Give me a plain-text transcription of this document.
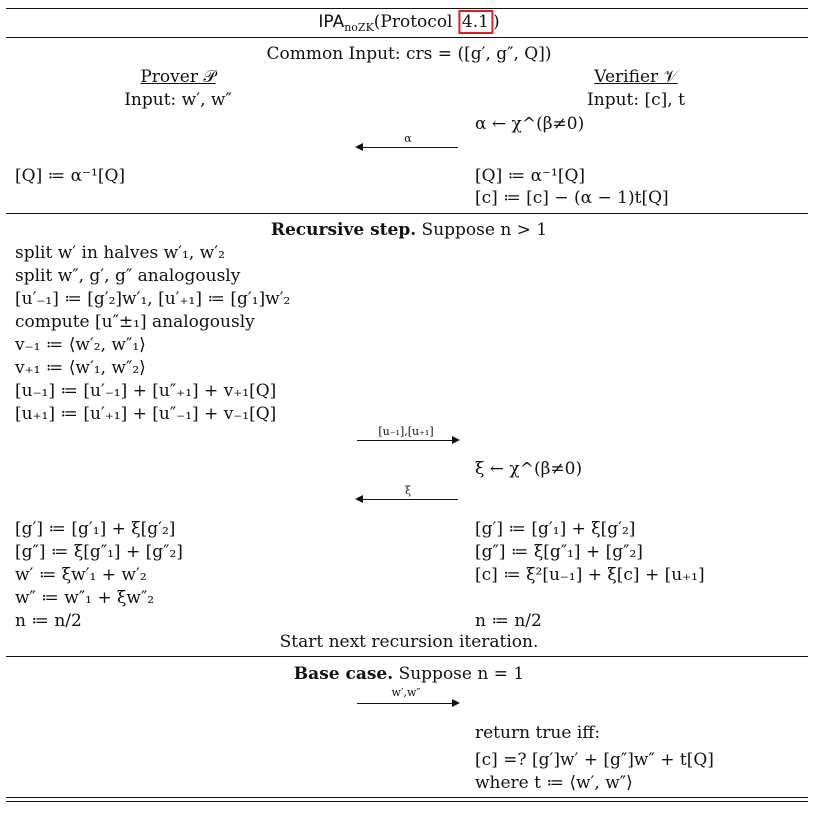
$IPA_{noZK}(Protocol$ 4.1 )
Common Input: crs = ([g′, g″, Q])
Prover 𝒫
Input: w′, w″
Verifier 𝒱
Input: [c], t
α ← χ^(β≠0)
α
[Q] ≔ α⁻¹[Q]	[Q] ≔ α⁻¹[Q]
[c] ≔ [c] − (α − 1)t[Q]
Recursive step. Suppose n > 1
split w′ in halves w′₁, w′₂
split w″, g′, g″ analogously
[u′₋₁] ≔ [g′₂]w′₁, [u′₊₁] ≔ [g′₁]w′₂
compute [u″±₁] analogously
v₋₁ ≔ ⟨w′₂, w″₁⟩
v₊₁ ≔ ⟨w′₁, w″₂⟩
[u₋₁] ≔ [u′₋₁] + [u″₊₁] + v₊₁[Q]
[u₊₁] ≔ [u′₊₁] + [u″₋₁] + v₋₁[Q]
[u₋₁],[u₊₁]
ξ ← χ^(β≠0)
ξ
[g′] ≔ [g′₁] + ξ[g′₂]
[g″] ≔ ξ[g″₁] + [g″₂]
w′ ≔ ξw′₁ + w′₂
w″ ≔ w″₁ + ξw″₂
n ≔ n/2
[g′] ≔ [g′₁] + ξ[g′₂]
[g″] ≔ ξ[g″₁] + [g″₂]
[c] ≔ ξ²[u₋₁] + ξ[c] + [u₊₁]
n ≔ n/2
Start next recursion iteration.
Base case. Suppose n = 1
w′,w″
return true iff:
[c] =? [g′]w′ + [g″]w″ + t[Q]
where t ≔ ⟨w′, w″⟩
